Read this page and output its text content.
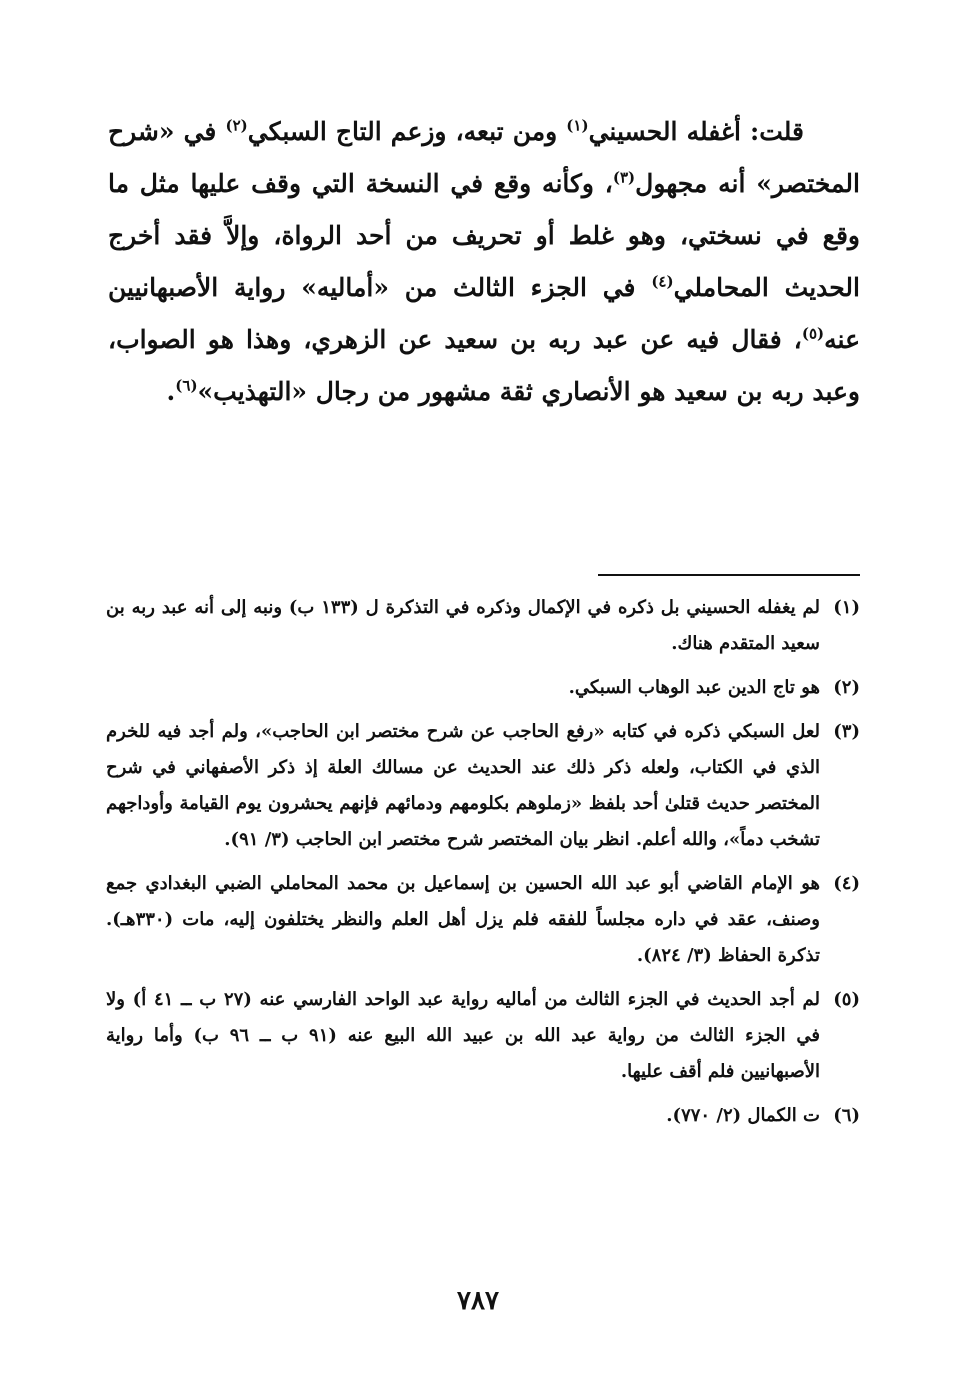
قلت: أغفله الحسيني$^{(١)}$ ومن تبعه، وزعم التاج السبكي$^{(٢)}$ في «شرح المختصر» أنه مجهول$^{(٣)}$، وكأنه وقع في النسخة التي وقف عليها مثل ما وقع في نسختي، وهو غلط أو تحريف من أحد الرواة، وإلاَّ فقد أخرج الحديث المحاملي$^{(٤)}$ في الجزء الثالث من «أماليه» رواية الأصبهانيين عنه$^{(٥)}$، فقال فيه عن عبد ربه بن سعيد عن الزهري، وهذا هو الصواب، وعبد ربه بن سعيد هو الأنصاري ثقة مشهور من رجال «التهذيب»$^{(٦)}$.

(١)
لم يغفله الحسيني بل ذكره في الإكمال وذكره في التذكرة ل (١٣٣ ب) ونبه إلى أنه عبد ربه بن سعيد المتقدم هناك.
(٢)
هو تاج الدين عبد الوهاب السبكي.
(٣)
لعل السبكي ذكره في كتابه «رفع الحاجب عن شرح مختصر ابن الحاجب»، ولم أجد فيه للخرم الذي في الكتاب، ولعله ذكر ذلك عند الحديث عن مسالك العلة إذ ذكر الأصفهاني في شرح المختصر حديث قتلىٰ أحد بلفظ «زملوهم بكلومهم ودمائهم فإنهم يحشرون يوم القيامة وأوداجهم تشخب دماً»، والله أعلم. انظر بيان المختصر شرح مختصر ابن الحاجب (٣/ ٩١).
(٤)
هو الإمام القاضي أبو عبد الله الحسين بن إسماعيل بن محمد المحاملي الضبي البغدادي جمع وصنف، عقد في داره مجلساً للفقه فلم يزل أهل العلم والنظر يختلفون إليه، مات (٣٣٠هـ). تذكرة الحفاظ (٣/ ٨٢٤).
(٥)
لم أجد الحديث في الجزء الثالث من أماليه رواية عبد الواحد الفارسي عنه (٢٧ ب ــ ٤١ أ) ولا في الجزء الثالث من رواية عبد الله بن عبيد الله البيع عنه (٩١ ب ــ ٩٦ ب) وأما رواية الأصبهانيين فلم أقف عليها.
(٦)
ت الكمال (٢/ ٧٧٠).
٧٨٧
